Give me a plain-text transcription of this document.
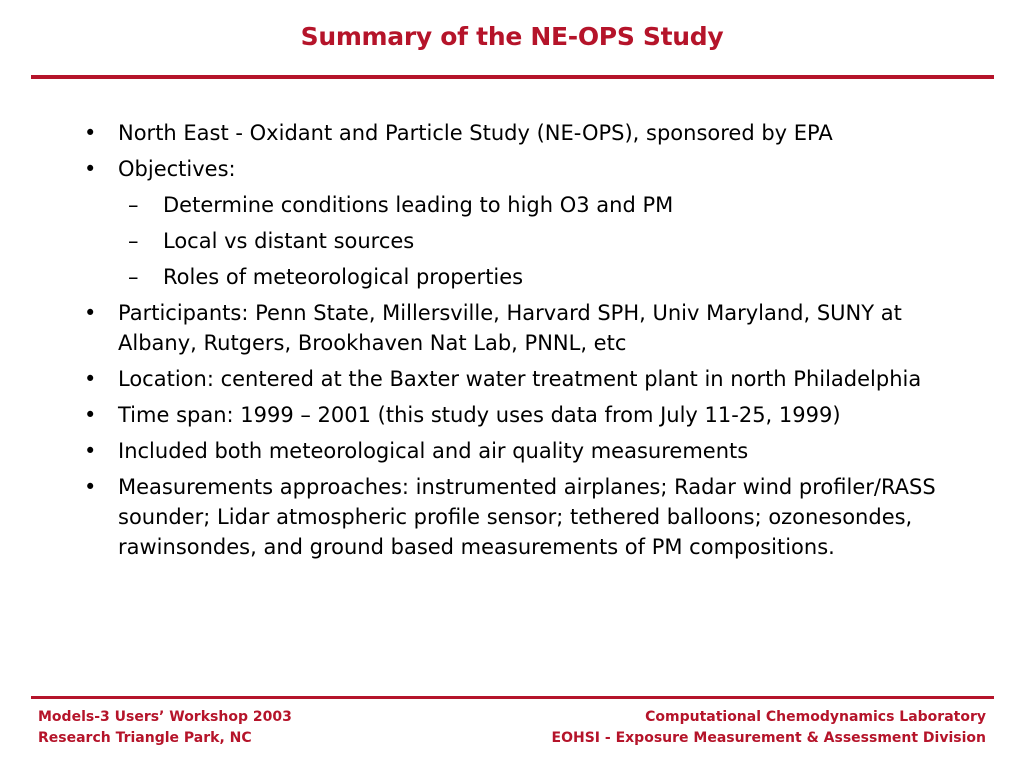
Summary of the NE-OPS Study
• North East - Oxidant and Particle Study (NE-OPS), sponsored by EPA
• Objectives:
– Determine conditions leading to high O3 and PM
– Local vs distant sources
– Roles of meteorological properties
• Participants: Penn State, Millersville, Harvard SPH, Univ Maryland, SUNY at Albany, Rutgers, Brookhaven Nat Lab, PNNL, etc
• Location: centered at the Baxter water treatment plant in north Philadelphia
• Time span: 1999 – 2001 (this study uses data from July 11-25, 1999)
• Included both meteorological and air quality measurements
• Measurements approaches: instrumented airplanes; Radar wind profiler/RASS sounder; Lidar atmospheric profile sensor; tethered balloons; ozonesondes, rawinsondes, and ground based measurements of PM compositions.
Models-3 Users’ Workshop 2003
Research Triangle Park, NC
Computational Chemodynamics Laboratory
EOHSI - Exposure Measurement & Assessment Division
